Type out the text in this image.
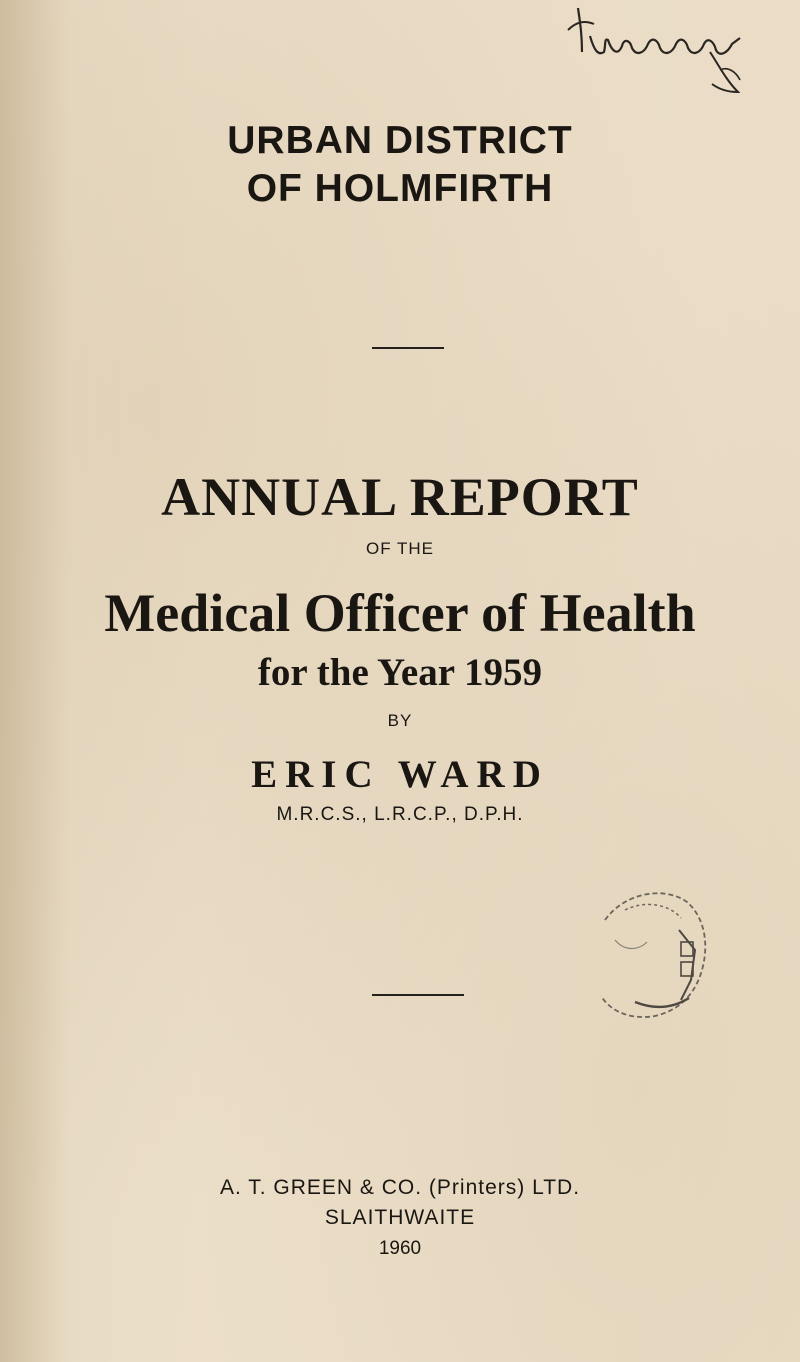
URBAN DISTRICT
OF HOLMFIRTH
ANNUAL REPORT
OF THE
Medical Officer of Health
for the Year 1959
BY
ERIC WARD
M.R.C.S., L.R.C.P., D.P.H.
A. T. GREEN & CO. (Printers) LTD.
SLAITHWAITE
1960
